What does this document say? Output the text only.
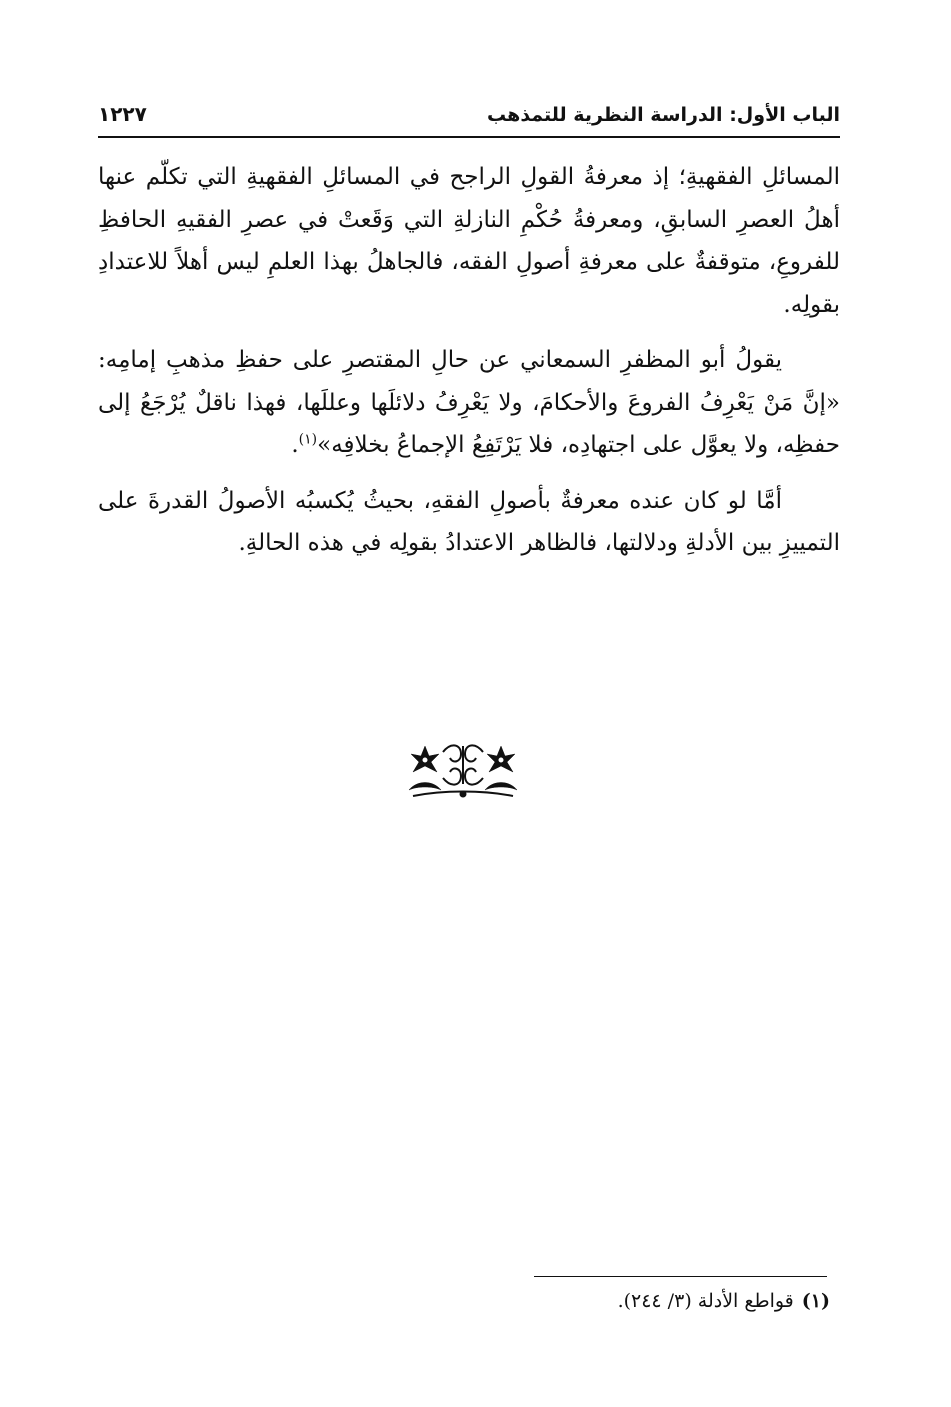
الباب الأول: الدراسة النظرية للتمذهب
١٢٢٧

المسائلِ الفقهيةِ؛ إذ معرفةُ القولِ الراجح في المسائلِ الفقهيةِ التي تكلّم عنها أهلُ العصرِ السابقِ، ومعرفةُ حُكْمِ النازلةِ التي وَقَعتْ في عصرِ الفقيهِ الحافظِ للفروعِ، متوقفةٌ على معرفةِ أصولِ الفقه، فالجاهلُ بهذا العلمِ ليس أهلاً للاعتدادِ بقولِه.

يقولُ أبو المظفرِ السمعاني عن حالِ المقتصرِ على حفظِ مذهبِ إمامِه: «إنَّ مَنْ يَعْرِفُ الفروعَ والأحكامَ، ولا يَعْرِفُ دلائلَها وعللَها، فهذا ناقلٌ يُرْجَعُ إلى حفظِه، ولا يعوَّل على اجتهادِه، فلا يَرْتَفِعُ الإجماعُ بخلافِه»$^{(١)}$.

أمَّا لو كان عنده معرفةٌ بأصولِ الفقهِ، بحيثُ يُكسبُه الأصولُ القدرةَ على التمييزِ بين الأدلةِ ودلالتها، فالظاهر الاعتدادُ بقولِه في هذه الحالةِ.

(١)قواطع الأدلة (٣/ ٢٤٤).
